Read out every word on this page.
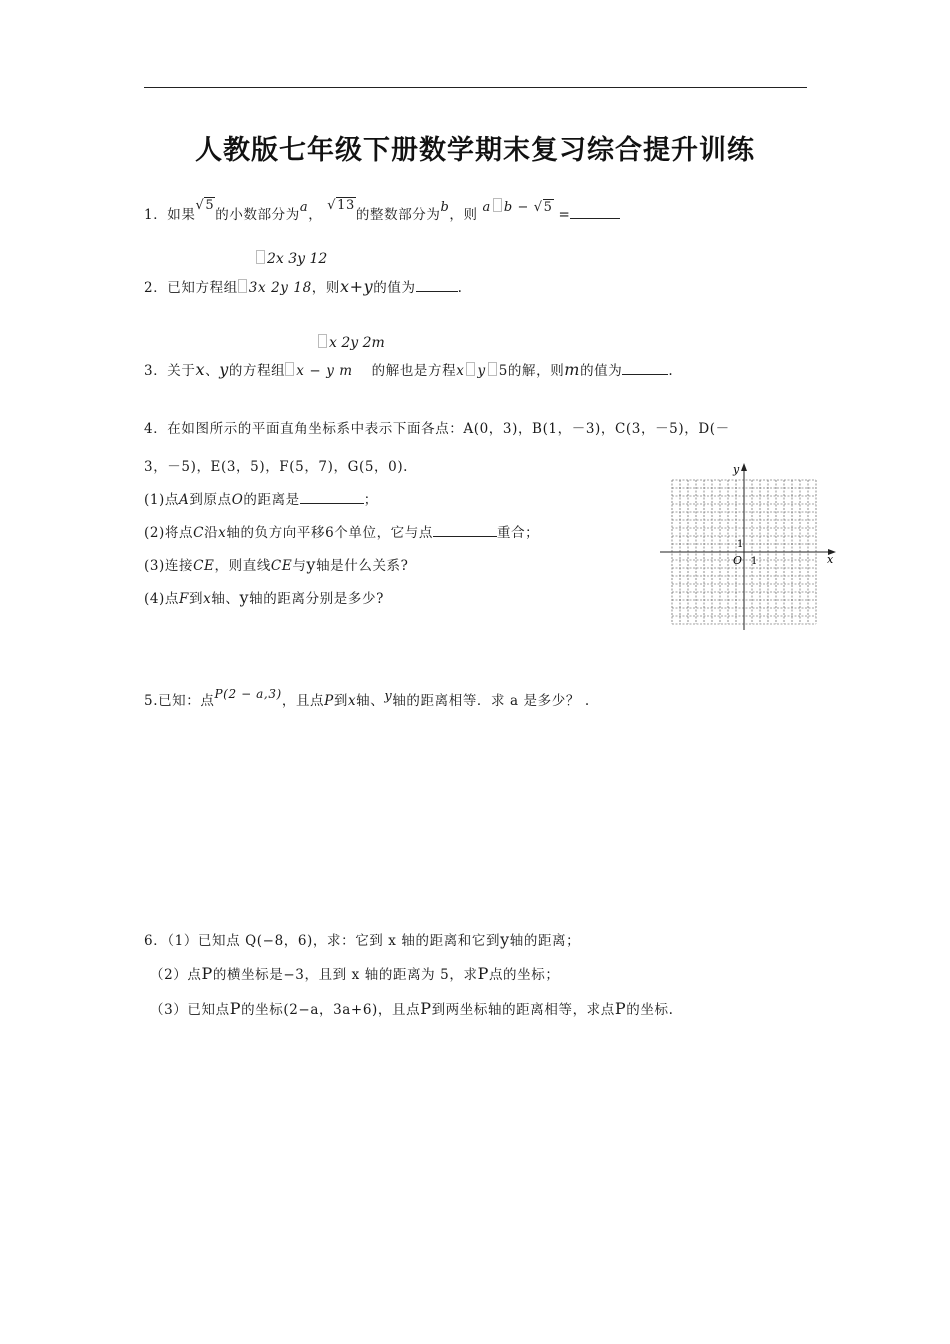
人教版七年级下册数学期末复习综合提升训练
1．如果√5的小数部分为a， √13的整数部分为b，则 a b − √5 =
2x 3y 12
2．已知方程组 3x 2y 18，则x+y的值为	.
x 2y 2m
3．关于x、y的方程组 x − y m 的解也是方程x y 5的解，则m的值为	.
4．在如图所示的平面直角坐标系中表示下面各点：A(0，3)，B(1，－3)，C(3，－5)，D(－
3，－5)，E(3，5)，F(5，7)，G(5，0).
(1)点A到原点O的距离是	；
(2)将点C沿x轴的负方向平移6个单位，它与点	重合；
(3)连接CE，则直线CE与y轴是什么关系?
(4)点F到x轴、y轴的距离分别是多少?
x
y
O 1
1
5.已知：点P(2 − a,3)，且点P到x轴、y轴的距离相等．求 a 是多少？ .
6．（1）已知点 Q(−8，6)，求：它到 x 轴的距离和它到y轴的距离；
（2）点P的横坐标是−3，且到 x 轴的距离为 5，求P点的坐标；
（3）已知点P的坐标(2−a，3a+6)，且点P到两坐标轴的距离相等，求点P的坐标.
